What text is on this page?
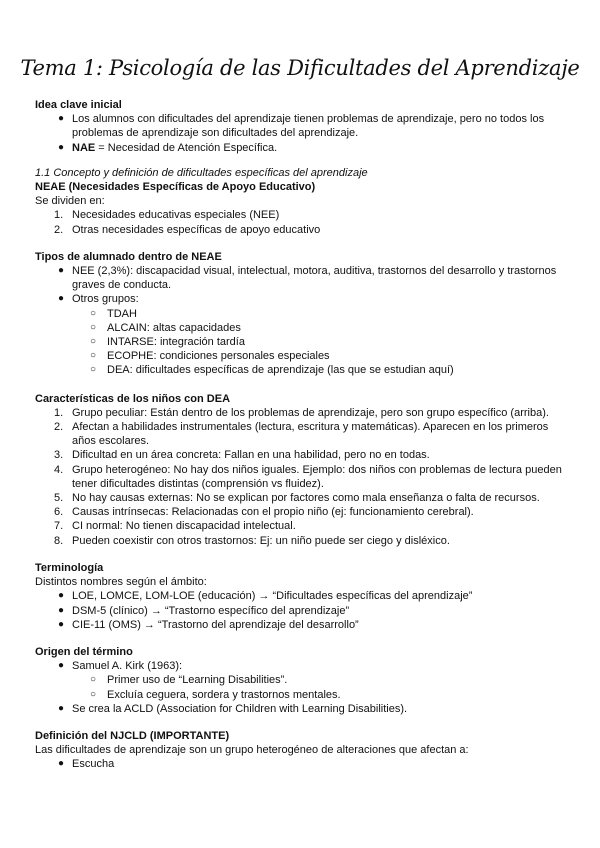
Tema 1: Psicología de las Dificultades del Aprendizaje
Idea clave inicial
● Los alumnos con dificultades del aprendizaje tienen problemas de aprendizaje, pero no todos los problemas de aprendizaje son dificultades del aprendizaje.
● NAE = Necesidad de Atención Específica.
1.1 Concepto y definición de dificultades específicas del aprendizaje
NEAE (Necesidades Específicas de Apoyo Educativo)
Se dividen en:
1. Necesidades educativas especiales (NEE)
2. Otras necesidades específicas de apoyo educativo
Tipos de alumnado dentro de NEAE
● NEE (2,3%): discapacidad visual, intelectual, motora, auditiva, trastornos del desarrollo y trastornos graves de conducta.
● Otros grupos:
○ TDAH
○ ALCAIN: altas capacidades
○ INTARSE: integración tardía
○ ECOPHE: condiciones personales especiales
○ DEA: dificultades específicas de aprendizaje (las que se estudian aquí)
Características de los niños con DEA
1. Grupo peculiar: Están dentro de los problemas de aprendizaje, pero son grupo específico (arriba).
2. Afectan a habilidades instrumentales (lectura, escritura y matemáticas). Aparecen en los primeros años escolares.
3. Dificultad en un área concreta: Fallan en una habilidad, pero no en todas.
4. Grupo heterogéneo: No hay dos niños iguales. Ejemplo: dos niños con problemas de lectura pueden tener dificultades distintas (comprensión vs fluidez).
5. No hay causas externas: No se explican por factores como mala enseñanza o falta de recursos.
6. Causas intrínsecas: Relacionadas con el propio niño (ej: funcionamiento cerebral).
7. CI normal: No tienen discapacidad intelectual.
8. Pueden coexistir con otros trastornos: Ej: un niño puede ser ciego y disléxico.
Terminología
Distintos nombres según el ámbito:
● LOE, LOMCE, LOM-LOE (educación) → “Dificultades específicas del aprendizaje”
● DSM-5 (clínico) → “Trastorno específico del aprendizaje”
● CIE-11 (OMS) → “Trastorno del aprendizaje del desarrollo”
Origen del término
● Samuel A. Kirk (1963):
○ Primer uso de “Learning Disabilities”.
○ Excluía ceguera, sordera y trastornos mentales.
● Se crea la ACLD (Association for Children with Learning Disabilities).
Definición del NJCLD (IMPORTANTE)
Las dificultades de aprendizaje son un grupo heterogéneo de alteraciones que afectan a:
● Escucha
